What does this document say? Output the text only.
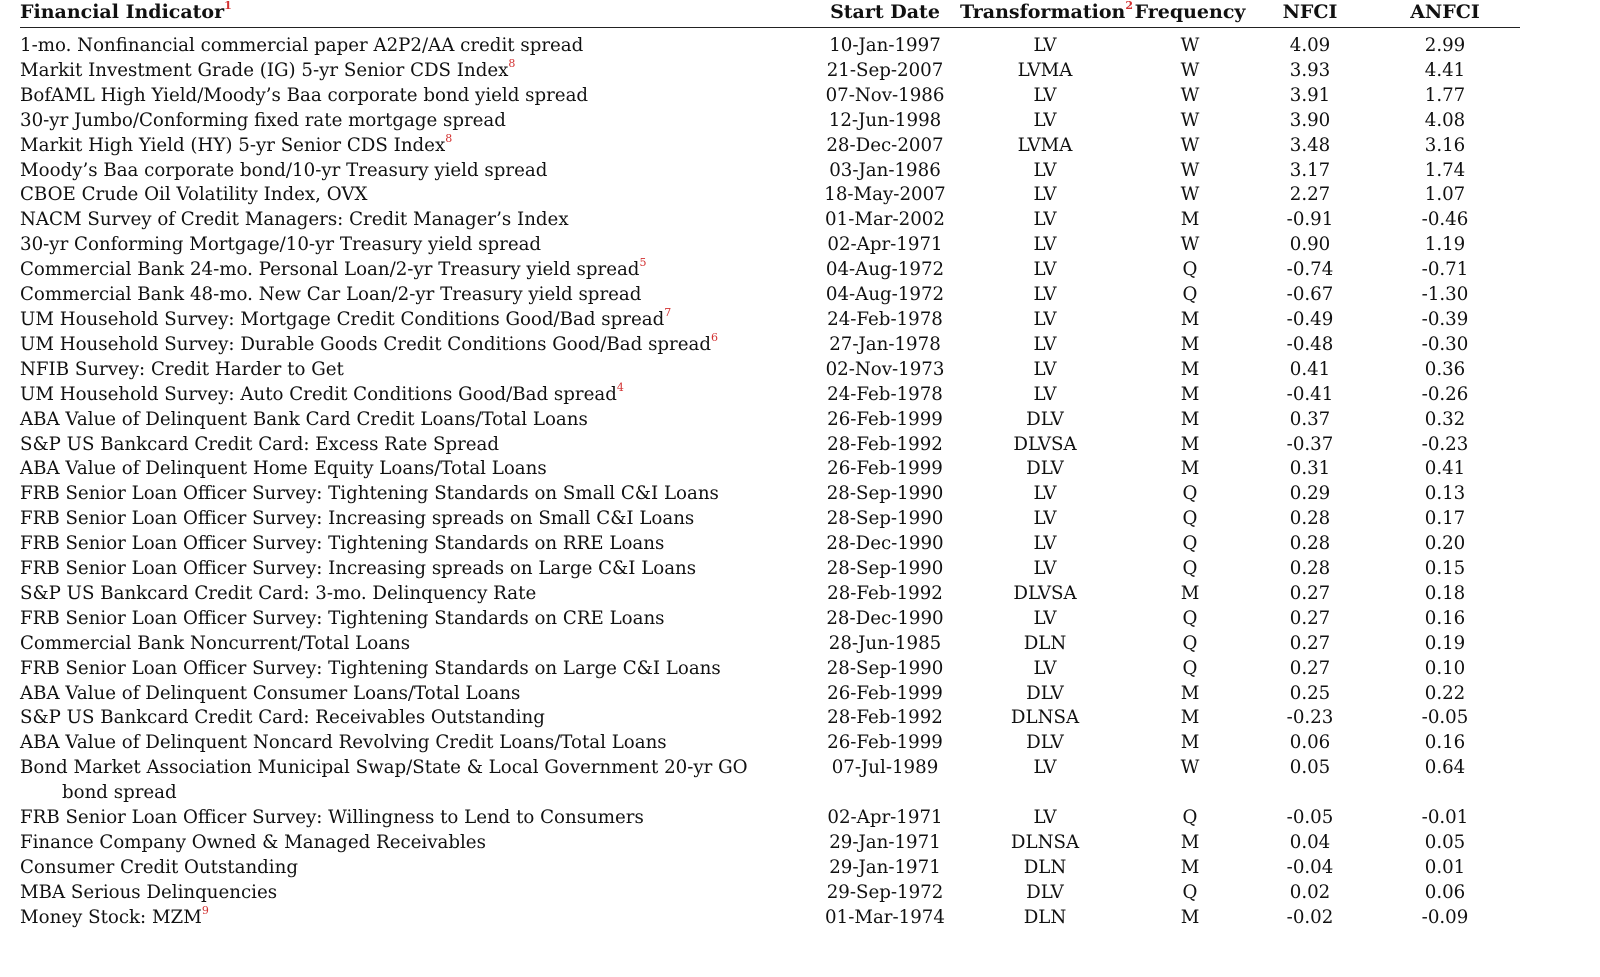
Financial Indicator$^1$	Start Date	Transformation$^2$	Frequency	NFCI	ANFCI

1-mo. Nonfinancial commercial paper A2P2/AA credit spread	10-Jan-1997	LV	W	4.09	2.99
Markit Investment Grade (IG) 5-yr Senior CDS Index$^8$	21-Sep-2007	LVMA	W	3.93	4.41
BofAML High Yield/Moody’s Baa corporate bond yield spread	07-Nov-1986	LV	W	3.91	1.77
30-yr Jumbo/Conforming fixed rate mortgage spread	12-Jun-1998	LV	W	3.90	4.08
Markit High Yield (HY) 5-yr Senior CDS Index$^8$	28-Dec-2007	LVMA	W	3.48	3.16
Moody’s Baa corporate bond/10-yr Treasury yield spread	03-Jan-1986	LV	W	3.17	1.74
CBOE Crude Oil Volatility Index, OVX	18-May-2007	LV	W	2.27	1.07
NACM Survey of Credit Managers: Credit Manager’s Index	01-Mar-2002	LV	M	-0.91	-0.46
30-yr Conforming Mortgage/10-yr Treasury yield spread	02-Apr-1971	LV	W	0.90	1.19
Commercial Bank 24-mo. Personal Loan/2-yr Treasury yield spread$^5$	04-Aug-1972	LV	Q	-0.74	-0.71
Commercial Bank 48-mo. New Car Loan/2-yr Treasury yield spread	04-Aug-1972	LV	Q	-0.67	-1.30
UM Household Survey: Mortgage Credit Conditions Good/Bad spread$^7$	24-Feb-1978	LV	M	-0.49	-0.39
UM Household Survey: Durable Goods Credit Conditions Good/Bad spread$^6$	27-Jan-1978	LV	M	-0.48	-0.30
NFIB Survey: Credit Harder to Get	02-Nov-1973	LV	M	0.41	0.36
UM Household Survey: Auto Credit Conditions Good/Bad spread$^4$	24-Feb-1978	LV	M	-0.41	-0.26
ABA Value of Delinquent Bank Card Credit Loans/Total Loans	26-Feb-1999	DLV	M	0.37	0.32
S&P US Bankcard Credit Card: Excess Rate Spread	28-Feb-1992	DLVSA	M	-0.37	-0.23
ABA Value of Delinquent Home Equity Loans/Total Loans	26-Feb-1999	DLV	M	0.31	0.41
FRB Senior Loan Officer Survey: Tightening Standards on Small C&I Loans	28-Sep-1990	LV	Q	0.29	0.13
FRB Senior Loan Officer Survey: Increasing spreads on Small C&I Loans	28-Sep-1990	LV	Q	0.28	0.17
FRB Senior Loan Officer Survey: Tightening Standards on RRE Loans	28-Dec-1990	LV	Q	0.28	0.20
FRB Senior Loan Officer Survey: Increasing spreads on Large C&I Loans	28-Sep-1990	LV	Q	0.28	0.15
S&P US Bankcard Credit Card: 3-mo. Delinquency Rate	28-Feb-1992	DLVSA	M	0.27	0.18
FRB Senior Loan Officer Survey: Tightening Standards on CRE Loans	28-Dec-1990	LV	Q	0.27	0.16
Commercial Bank Noncurrent/Total Loans	28-Jun-1985	DLN	Q	0.27	0.19
FRB Senior Loan Officer Survey: Tightening Standards on Large C&I Loans	28-Sep-1990	LV	Q	0.27	0.10
ABA Value of Delinquent Consumer Loans/Total Loans	26-Feb-1999	DLV	M	0.25	0.22
S&P US Bankcard Credit Card: Receivables Outstanding	28-Feb-1992	DLNSA	M	-0.23	-0.05
ABA Value of Delinquent Noncard Revolving Credit Loans/Total Loans	26-Feb-1999	DLV	M	0.06	0.16
Bond Market Association Municipal Swap/State & Local Government 20-yr GO
bond spread	07-Jul-1989	LV	W	0.05	0.64
FRB Senior Loan Officer Survey: Willingness to Lend to Consumers	02-Apr-1971	LV	Q	-0.05	-0.01
Finance Company Owned & Managed Receivables	29-Jan-1971	DLNSA	M	0.04	0.05
Consumer Credit Outstanding	29-Jan-1971	DLN	M	-0.04	0.01
MBA Serious Delinquencies	29-Sep-1972	DLV	Q	0.02	0.06
Money Stock: MZM$^9$	01-Mar-1974	DLN	M	-0.02	-0.09
